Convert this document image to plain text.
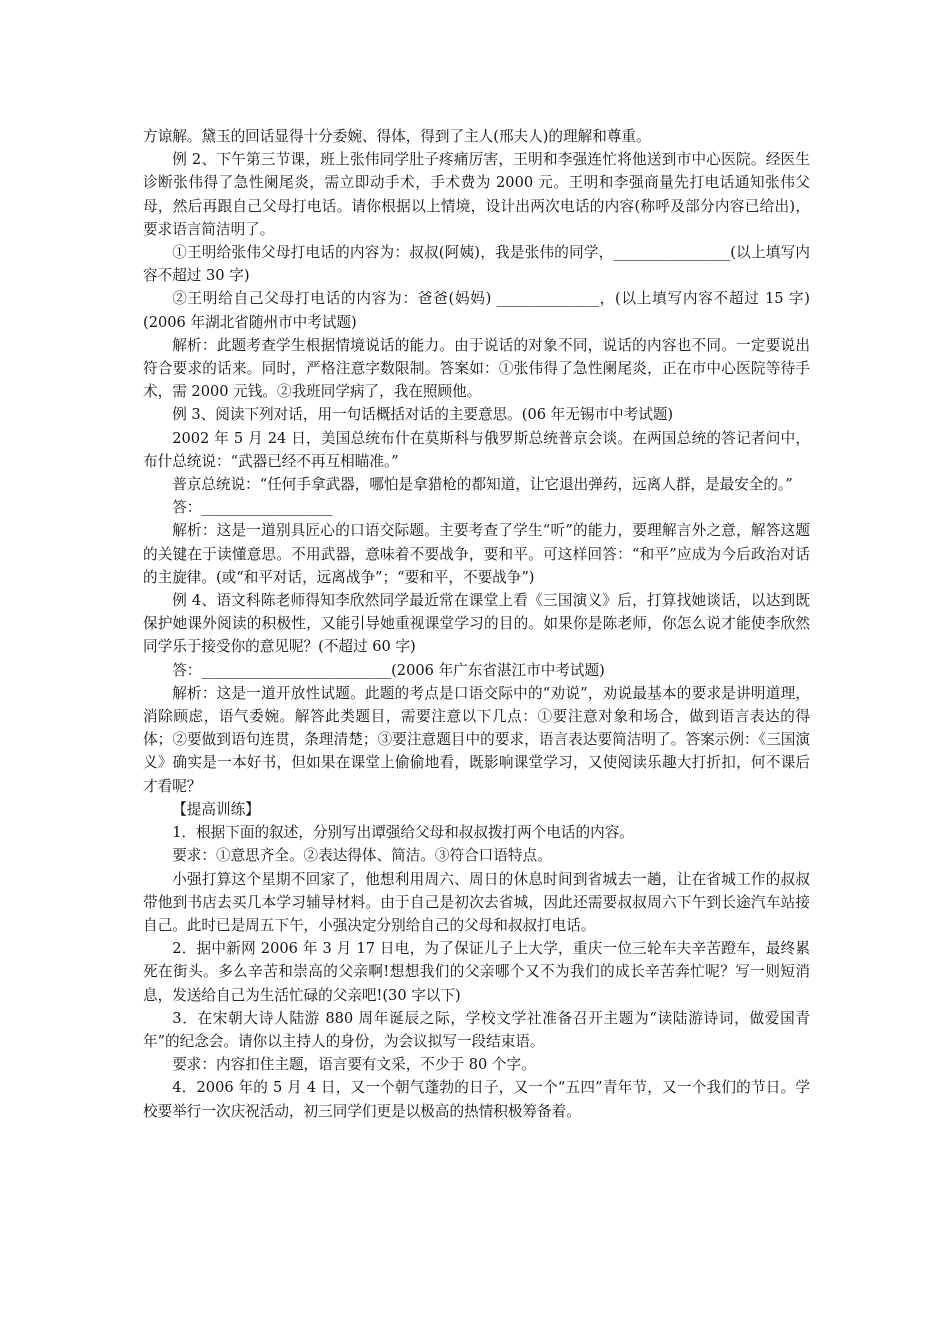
方谅解。黛玉的回话显得十分委婉、得体，得到了主人(邢夫人)的理解和尊重。

例 2、下午第三节课，班上张伟同学肚子疼痛厉害，王明和李强连忙将他送到市中心医院。经医生诊断张伟得了急性阑尾炎，需立即动手术，手术费为 2000 元。王明和李强商量先打电话通知张伟父母，然后再跟自己父母打电话。请你根据以上情境，设计出两次电话的内容(称呼及部分内容已给出)，要求语言简洁明了。

①王明给张伟父母打电话的内容为：叔叔(阿姨)，我是张伟的同学，________________(以上填写内容不超过 30 字)

②王明给自己父母打电话的内容为：爸爸(妈妈) ______________，(以上填写内容不超过 15 字)(2006 年湖北省随州市中考试题)

解析：此题考查学生根据情境说话的能力。由于说话的对象不同，说话的内容也不同。一定要说出符合要求的话来。同时，严格注意字数限制。答案如：①张伟得了急性阑尾炎，正在市中心医院等待手术，需 2000 元钱。②我班同学病了，我在照顾他。

例 3、阅读下列对话，用一句话概括对话的主要意思。(06 年无锡市中考试题)

2002 年 5 月 24 日，美国总统布什在莫斯科与俄罗斯总统普京会谈。在两国总统的答记者问中，布什总统说：“武器已经不再互相瞄准。”

普京总统说：“任何手拿武器，哪怕是拿猎枪的都知道，让它退出弹药，远离人群，是最安全的。”

答：__________________

解析：这是一道别具匠心的口语交际题。主要考查了学生“听”的能力，要理解言外之意，解答这题的关键在于读懂意思。不用武器，意味着不要战争，要和平。可这样回答：“和平”应成为今后政治对话的主旋律。(或“和平对话，远离战争”；“要和平，不要战争”)

例 4、语文科陈老师得知李欣然同学最近常在课堂上看《三国演义》后，打算找她谈话，以达到既保护她课外阅读的积极性，又能引导她重视课堂学习的目的。如果你是陈老师，你怎么说才能使李欣然同学乐于接受你的意见呢？(不超过 60 字)

答：__________________________(2006 年广东省湛江市中考试题)

解析：这是一道开放性试题。此题的考点是口语交际中的“劝说”，劝说最基本的要求是讲明道理，消除顾虑，语气委婉。解答此类题目，需要注意以下几点：①要注意对象和场合，做到语言表达的得体；②要做到语句连贯，条理清楚；③要注意题目中的要求，语言表达要简洁明了。答案示例：《三国演义》确实是一本好书，但如果在课堂上偷偷地看，既影响课堂学习，又使阅读乐趣大打折扣，何不课后才看呢？

【提高训练】

1．根据下面的叙述，分别写出谭强给父母和叔叔拨打两个电话的内容。

要求：①意思齐全。②表达得体、简洁。③符合口语特点。

小强打算这个星期不回家了，他想利用周六、周日的休息时间到省城去一趟，让在省城工作的叔叔带他到书店去买几本学习辅导材料。由于自己是初次去省城，因此还需要叔叔周六下午到长途汽车站接自己。此时已是周五下午，小强决定分别给自己的父母和叔叔打电话。

2．据中新网 2006 年 3 月 17 日电，为了保证儿子上大学，重庆一位三轮车夫辛苦蹬车，最终累死在街头。多么辛苦和崇高的父亲啊!想想我们的父亲哪个又不为我们的成长辛苦奔忙呢？写一则短消息，发送给自己为生活忙碌的父亲吧!(30 字以下)

3．在宋朝大诗人陆游 880 周年诞辰之际，学校文学社准备召开主题为“读陆游诗词，做爱国青年”的纪念会。请你以主持人的身份，为会议拟写一段结束语。

要求：内容扣住主题，语言要有文采，不少于 80 个字。

4．2006 年的 5 月 4 日，又一个朝气蓬勃的日子，又一个“五四”青年节，又一个我们的节日。学校要举行一次庆祝活动，初三同学们更是以极高的热情积极筹备着。
